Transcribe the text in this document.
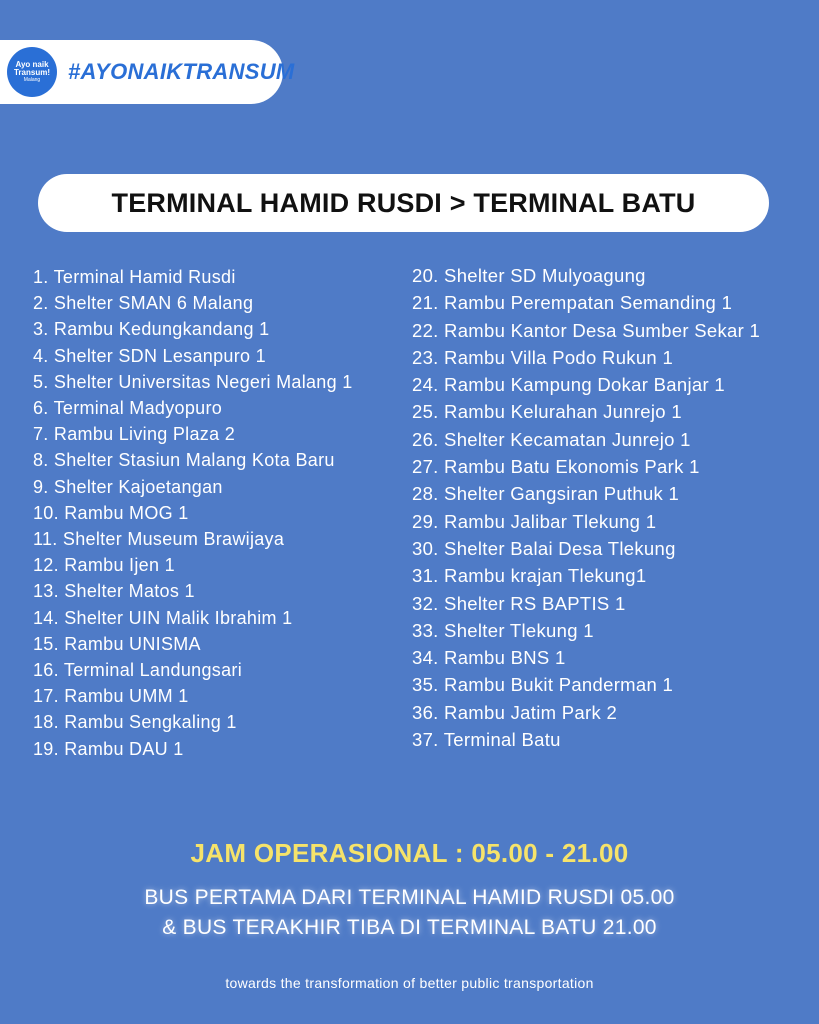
Ayo naik
Transum!
Malang #AYONAIKTRANSUM
TERMINAL HAMID RUSDI > TERMINAL BATU
1. Terminal Hamid Rusdi
2. Shelter SMAN 6 Malang
3. Rambu Kedungkandang 1
4. Shelter SDN Lesanpuro 1
5. Shelter Universitas Negeri Malang 1
6. Terminal Madyopuro
7. Rambu Living Plaza 2
8. Shelter Stasiun Malang Kota Baru
9. Shelter Kajoetangan
10. Rambu MOG 1
11. Shelter Museum Brawijaya
12. Rambu Ijen 1
13. Shelter Matos 1
14. Shelter UIN Malik Ibrahim 1
15. Rambu UNISMA
16. Terminal Landungsari
17. Rambu UMM 1
18. Rambu Sengkaling 1
19. Rambu DAU 1
20. Shelter SD Mulyoagung
21. Rambu Perempatan Semanding 1
22. Rambu Kantor Desa Sumber Sekar 1
23. Rambu Villa Podo Rukun 1
24. Rambu Kampung Dokar Banjar 1
25. Rambu Kelurahan Junrejo 1
26. Shelter Kecamatan Junrejo 1
27. Rambu Batu Ekonomis Park 1
28. Shelter Gangsiran Puthuk 1
29. Rambu Jalibar Tlekung 1
30. Shelter Balai Desa Tlekung
31. Rambu krajan Tlekung1
32. Shelter RS BAPTIS 1
33. Shelter Tlekung 1
34. Rambu BNS 1
35. Rambu Bukit Panderman 1
36. Rambu Jatim Park 2
37. Terminal Batu
JAM OPERASIONAL : 05.00 - 21.00
BUS PERTAMA DARI TERMINAL HAMID RUSDI 05.00
& BUS TERAKHIR TIBA DI TERMINAL BATU 21.00
towards the transformation of better public transportation
